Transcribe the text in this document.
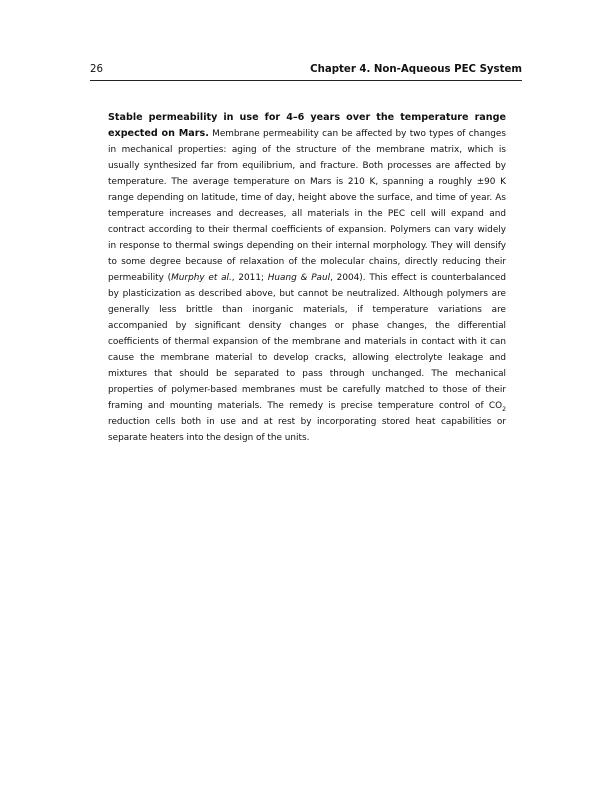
26	Chapter 4. Non-Aqueous PEC System

Stable permeability in use for 4–6 years over the temperature range expected on Mars. Membrane permeability can be affected by two types of changes in mechanical properties: aging of the structure of the membrane matrix, which is usually synthesized far from equilibrium, and fracture. Both processes are affected by temperature. The average temperature on Mars is 210 K, spanning a roughly ±90 K range depending on latitude, time of day, height above the surface, and time of year. As temperature increases and decreases, all materials in the PEC cell will expand and contract according to their thermal coefficients of expansion. Polymers can vary widely in response to thermal swings depending on their internal morphology. They will densify to some degree because of relaxation of the molecular chains, directly reducing their permeability (Murphy et al., 2011; Huang & Paul, 2004). This effect is counterbalanced by plasticization as described above, but cannot be neutralized. Although polymers are generally less brittle than inorganic materials, if temperature variations are accompanied by significant density changes or phase changes, the differential coefficients of thermal expansion of the membrane and materials in contact with it can cause the membrane material to develop cracks, allowing electrolyte leakage and mixtures that should be separated to pass through unchanged. The mechanical properties of polymer-based membranes must be carefully matched to those of their framing and mounting materials. The remedy is precise temperature control of $CO_2$ reduction cells both in use and at rest by incorporating stored heat capabilities or separate heaters into the design of the units.
